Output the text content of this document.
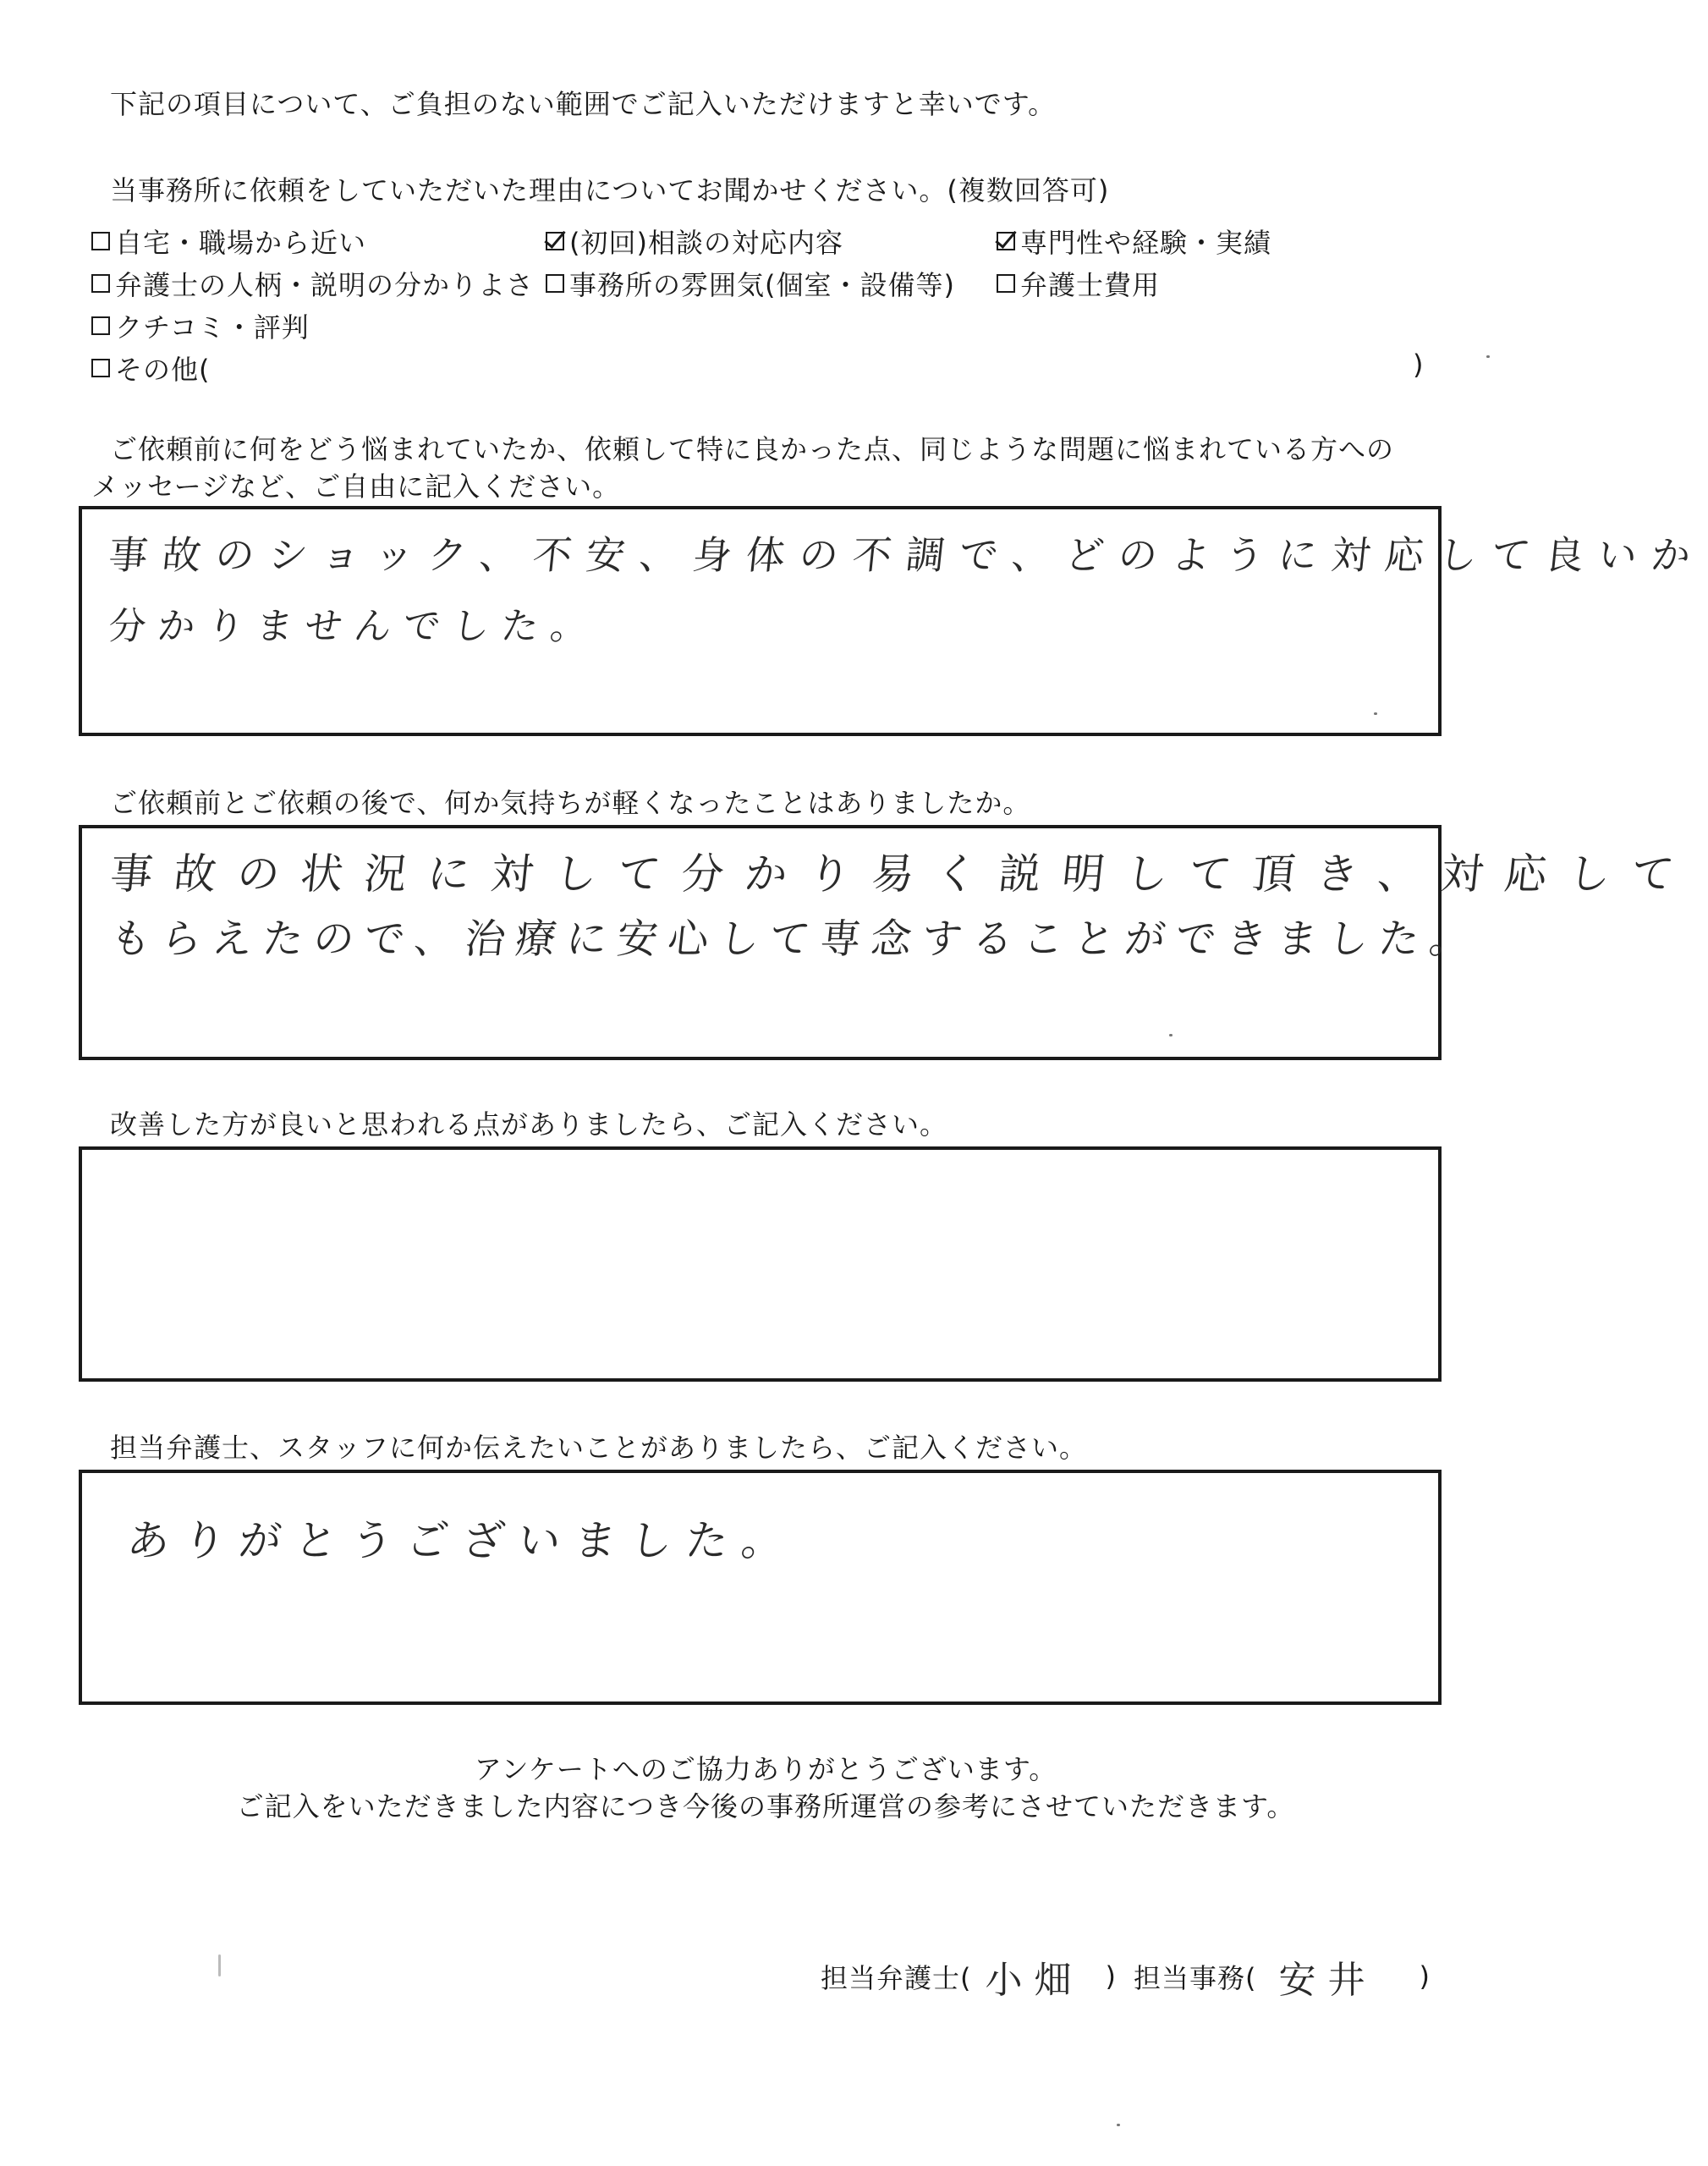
下記の項目について、ご負担のない範囲でご記入いただけますと幸いです。
当事務所に依頼をしていただいた理由についてお聞かせください。(複数回答可)
自宅・職場から近い	(初回)相談の対応内容	専門性や経験・実績
弁護士の人柄・説明の分かりよさ 事務所の雰囲気(個室・設備等) 弁護士費用
クチコミ・評判
その他(	)
ご依頼前に何をどう悩まれていたか、依頼して特に良かった点、同じような問題に悩まれている方への
メッセージなど、ご自由に記入ください。
事故のショック、不安、身体の不調で、どのように対応して良いか
分かりませんでした。
ご依頼前とご依頼の後で、何か気持ちが軽くなったことはありましたか。
事故の状況に対して分かり易く説明して頂き、対応して
もらえたので、治療に安心して専念することができました。
改善した方が良いと思われる点がありましたら、ご記入ください。
担当弁護士、スタッフに何か伝えたいことがありましたら、ご記入ください。
ありがとうございました。
アンケートへのご協力ありがとうございます。
ご記入をいただきました内容につき今後の事務所運営の参考にさせていただきます。
担当弁護士( 小畑 ) 担当事務( 安井 )
